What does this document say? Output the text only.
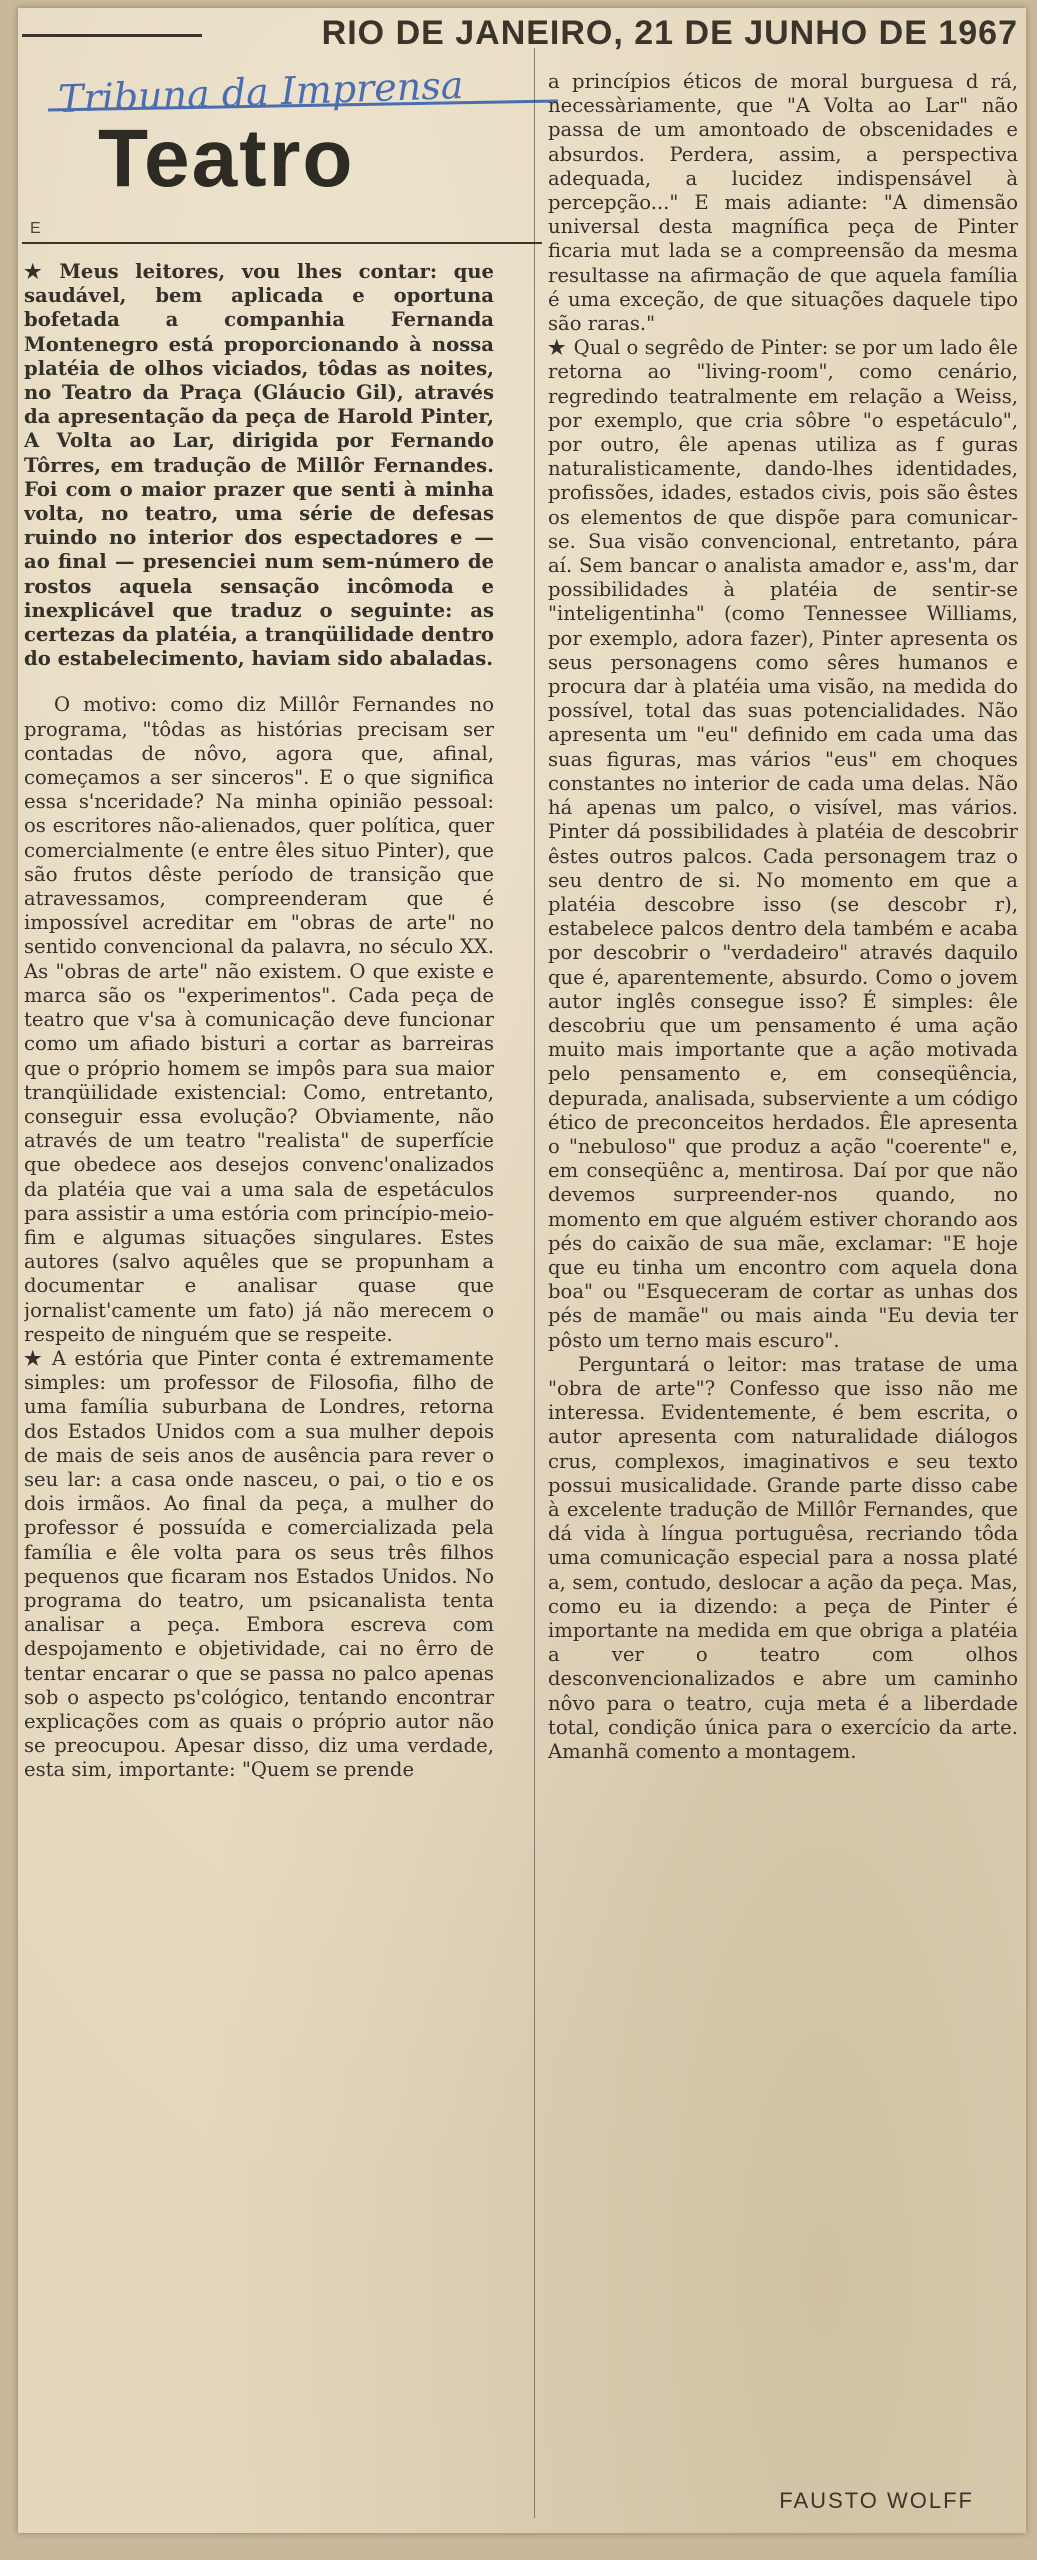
RIO DE JANEIRO, 21 DE JUNHO DE 1967
Tribuna da Imprensa
Teatro
E

★ Meus leitores, vou lhes contar: que saudável, bem aplicada e oportuna bofetada a companhia Fernanda Montenegro está proporcionando à nossa platéia de olhos viciados, tôdas as noites, no Teatro da Praça (Gláucio Gil), através da apresentação da peça de Harold Pinter, A Volta ao Lar, dirigida por Fernando Tôrres, em tradução de Millôr Fernandes. Foi com o maior prazer que senti à minha volta, no teatro, uma série de defesas ruindo no interior dos espectadores e — ao final — presenciei num sem-número de rostos aquela sensação incômoda e inexplicável que traduz o seguinte: as certezas da platéia, a tranqüilidade dentro do estabelecimento, haviam sido abaladas.

O motivo: como diz Millôr Fernandes no programa, "tôdas as histórias precisam ser contadas de nôvo, agora que, afinal, começamos a ser sinceros". E o que significa essa s'nceridade? Na minha opinião pessoal: os escritores não-alienados, quer política, quer comercialmente (e entre êles situo Pinter), que são frutos dêste período de transição que atravessamos, compreenderam que é impossível acreditar em "obras de arte" no sentido convencional da palavra, no século XX. As "obras de arte" não existem. O que existe e marca são os "experimentos". Cada peça de teatro que v'sa à comunicação deve funcionar como um afiado bisturi a cortar as barreiras que o próprio homem se impôs para sua maior tranqüilidade existencial: Como, entretanto, conseguir essa evolução? Obviamente, não através de um teatro "realista" de superfície que obedece aos desejos convenc'onalizados da platéia que vai a uma sala de espetáculos para assistir a uma estória com princípio-meio-fim e algumas situações singulares. Estes autores (salvo aquêles que se propunham a documentar e analisar quase que jornalist'camente um fato) já não merecem o respeito de ninguém que se respeite.

★ A estória que Pinter conta é extremamente simples: um professor de Filosofia, filho de uma família suburbana de Londres, retorna dos Estados Unidos com a sua mulher depois de mais de seis anos de ausência para rever o seu lar: a casa onde nasceu, o pai, o tio e os dois irmãos. Ao final da peça, a mulher do professor é possuída e comercializada pela família e êle volta para os seus três filhos pequenos que ficaram nos Estados Unidos. No programa do teatro, um psicanalista tenta analisar a peça. Embora escreva com despojamento e objetividade, cai no êrro de tentar encarar o que se passa no palco apenas sob o aspecto ps'cológico, tentando encontrar explicações com as quais o próprio autor não se preocupou. Apesar disso, diz uma verdade, esta sim, importante: "Quem se prende

a princípios éticos de moral burguesa d rá, necessàriamente, que "A Volta ao Lar" não passa de um amontoado de obscenidades e absurdos. Perdera, assim, a perspectiva adequada, a lucidez indispensável à percepção..." E mais adiante: "A dimensão universal desta magnífica peça de Pinter ficaria mut lada se a compreensão da mesma resultasse na afirmação de que aquela família é uma exceção, de que situações daquele tipo são raras."

★ Qual o segrêdo de Pinter: se por um lado êle retorna ao "living-room", como cenário, regredindo teatralmente em relação a Weiss, por exemplo, que cria sôbre "o espetáculo", por outro, êle apenas utiliza as f guras naturalisticamente, dando-lhes identidades, profissões, idades, estados civis, pois são êstes os elementos de que dispõe para comunicar-se. Sua visão convencional, entretanto, pára aí. Sem bancar o analista amador e, ass'm, dar possibilidades à platéia de sentir-se "inteligentinha" (como Tennessee Williams, por exemplo, adora fazer), Pinter apresenta os seus personagens como sêres humanos e procura dar à platéia uma visão, na medida do possível, total das suas potencialidades. Não apresenta um "eu" definido em cada uma das suas figuras, mas vários "eus" em choques constantes no interior de cada uma delas. Não há apenas um palco, o visível, mas vários. Pinter dá possibilidades à platéia de descobrir êstes outros palcos. Cada personagem traz o seu dentro de si. No momento em que a platéia descobre isso (se descobr r), estabelece palcos dentro dela também e acaba por descobrir o "verdadeiro" através daquilo que é, aparentemente, absurdo. Como o jovem autor inglês consegue isso? É simples: êle descobriu que um pensamento é uma ação muito mais importante que a ação motivada pelo pensamento e, em conseqüência, depurada, analisada, subserviente a um código ético de preconceitos herdados. Êle apresenta o "nebuloso" que produz a ação "coerente" e, em conseqüênc a, mentirosa. Daí por que não devemos surpreender-nos quando, no momento em que alguém estiver chorando aos pés do caixão de sua mãe, exclamar: "E hoje que eu tinha um encontro com aquela dona boa" ou "Esqueceram de cortar as unhas dos pés de mamãe" ou mais ainda "Eu devia ter pôsto um terno mais escuro".

Perguntará o leitor: mas tratase de uma "obra de arte"? Confesso que isso não me interessa. Evidentemente, é bem escrita, o autor apresenta com naturalidade diálogos crus, complexos, imaginativos e seu texto possui musicalidade. Grande parte disso cabe à excelente tradução de Millôr Fernandes, que dá vida à língua portuguêsa, recriando tôda uma comunicação especial para a nossa platé a, sem, contudo, deslocar a ação da peça. Mas, como eu ia dizendo: a peça de Pinter é importante na medida em que obriga a platéia a ver o teatro com olhos desconvencionalizados e abre um caminho nôvo para o teatro, cuja meta é a liberdade total, condição única para o exercício da arte. Amanhã comento a montagem.

FAUSTO WOLFF
